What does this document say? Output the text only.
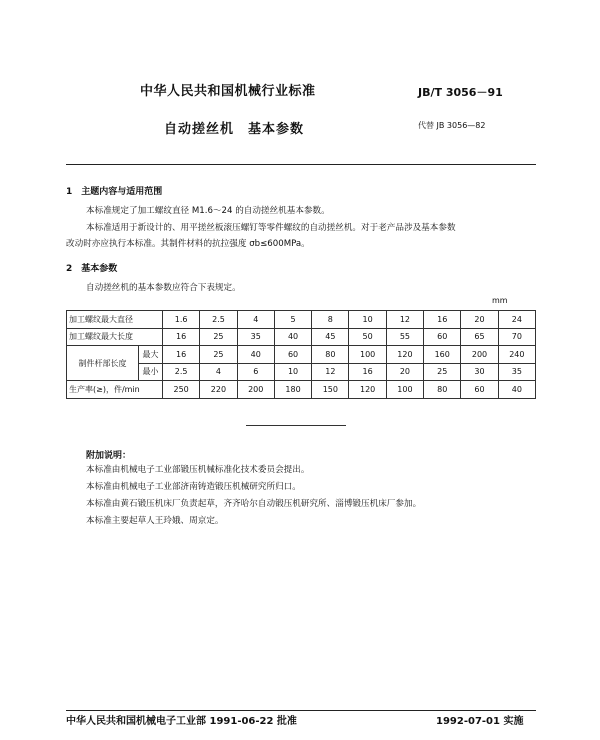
中华人民共和国机械行业标准	JB/T 3056－91
自动搓丝机　基本参数	代替 JB 3056—82
1　主题内容与适用范围
本标准规定了加工螺纹直径 M1.6～24 的自动搓丝机基本参数。
本标准适用于新设计的、用平搓丝板滚压螺钉等零件螺纹的自动搓丝机。对于老产品涉及基本参数
改动时亦应执行本标准。其制件材料的抗拉强度 σb≤600MPa。
2　基本参数
自动搓丝机的基本参数应符合下表规定。
mm
加工螺纹最大直径		1.6	2.5	4	5	8	10	12	16	20	24
加工螺纹最大长度		16	25	35	40	45	50	55	60	65	70
制件杆部长度	最大	16	25	40	60	80	100	120	160	200	240
	最小	2.5	4	6	10	12	16	20	25	30	35
生产率(≥)，件/min		250	220	200	180	150	120	100	80	60	40
附加说明：
本标准由机械电子工业部锻压机械标准化技术委员会提出。
本标准由机械电子工业部济南铸造锻压机械研究所归口。
本标准由黄石锻压机床厂负责起草，齐齐哈尔自动锻压机研究所、淄博锻压机床厂参加。
本标准主要起草人王玲娥、周京定。
中华人民共和国机械电子工业部 1991-06-22 批准	1992-07-01 实施
